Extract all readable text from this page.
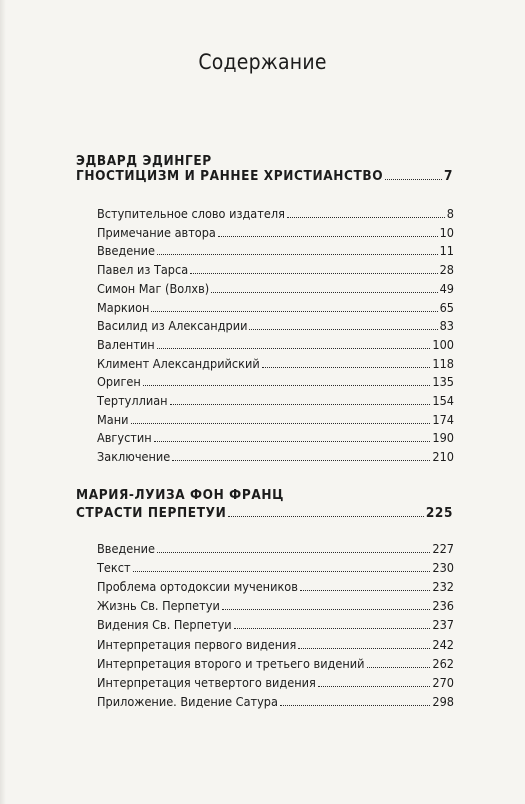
Содержание
ЭДВАРД ЭДИНГЕР
ГНОСТИЦИЗМ И РАННЕЕ ХРИСТИАНСТВО	7
Вступительное слово издателя	8
Примечание автора	10
Введение	11
Павел из Тарса	28
Симон Маг (Волхв)	49
Маркион	65
Василид из Александрии	83
Валентин	100
Климент Александрийский	118
Ориген	135
Тертуллиан	154
Мани	174
Августин	190
Заключение	210
МАРИЯ-ЛУИЗА ФОН ФРАНЦ
СТРАСТИ ПЕРПЕТУИ	225
Введение	227
Текст	230
Проблема ортодоксии мучеников	232
Жизнь Св. Перпетуи	236
Видения Св. Перпетуи	237
Интерпретация первого видения	242
Интерпретация второго и третьего видений	262
Интерпретация четвертого видения	270
Приложение. Видение Сатура	298
